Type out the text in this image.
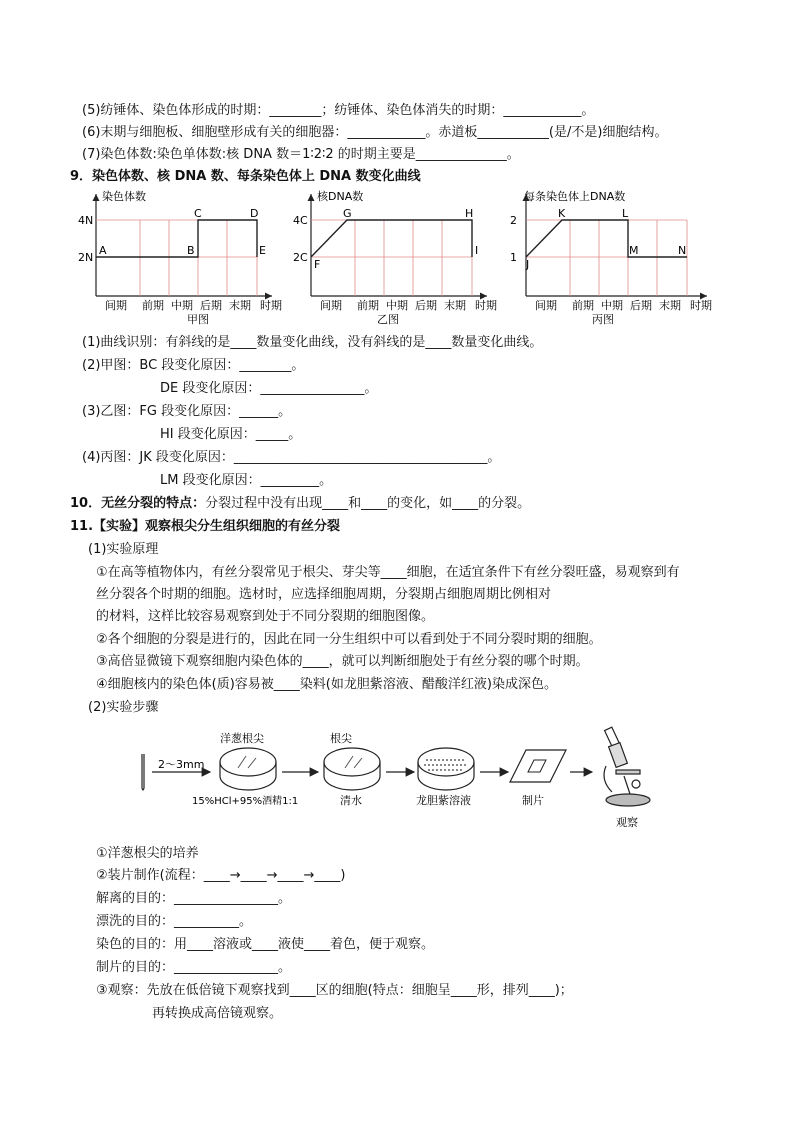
(5)纺锤体、染色体形成的时期：________；纺锤体、染色体消失的时期：____________。
(6)末期与细胞板、细胞壁形成有关的细胞器：____________。赤道板___________(是/不是)细胞结构。
(7)染色体数:染色单体数:核 DNA 数＝1∶2∶2 的时期主要是______________。
9．染色体数、核 DNA 数、每条染色体上 DNA 数变化曲线
染色体数
4N
2N
A	B
C	D
E
间期 前期 中期 后期 末期 时期
甲图
核DNA数
4C
2C
F
G	H
I
间期 前期 中期 后期 末期 时期
乙图
每条染色体上DNA数
2
1
J
K	L
M	N
间期 前期 中期 后期 末期 时期
丙图
(1)曲线识别：有斜线的是____数量变化曲线，没有斜线的是____数量变化曲线。
(2)甲图：BC 段变化原因：________。
DE 段变化原因：________________。
(3)乙图：FG 段变化原因：______。
HI 段变化原因：_____。
(4)丙图：JK 段变化原因：_______________________________________。
LM 段变化原因：_________。
10．无丝分裂的特点：分裂过程中没有出现____和____的变化，如____的分裂。
11.【实验】观察根尖分生组织细胞的有丝分裂
(1)实验原理
①在高等植物体内，有丝分裂常见于根尖、芽尖等____细胞，在适宜条件下有丝分裂旺盛，易观察到有
丝分裂各个时期的细胞。选材时，应选择细胞周期，分裂期占细胞周期比例相对
的材料，这样比较容易观察到处于不同分裂期的细胞图像。
②各个细胞的分裂是进行的，因此在同一分生组织中可以看到处于不同分裂时期的细胞。
③高倍显微镜下观察细胞内染色体的____，就可以判断细胞处于有丝分裂的哪个时期。
④细胞核内的染色体(质)容易被____染料(如龙胆紫溶液、醋酸洋红液)染成深色。
(2)实验步骤
2～3mm
洋葱根尖
15%HCl+95%酒精1:1
根尖
清水	龙胆紫溶液	制片
观察
①洋葱根尖的培养
②装片制作(流程：____→____→____→____)
解离的目的：________________。
漂洗的目的：__________。
染色的目的：用____溶液或____液使____着色，便于观察。
制片的目的：________________。
③观察：先放在低倍镜下观察找到____区的细胞(特点：细胞呈____形，排列____)；
再转换成高倍镜观察。
